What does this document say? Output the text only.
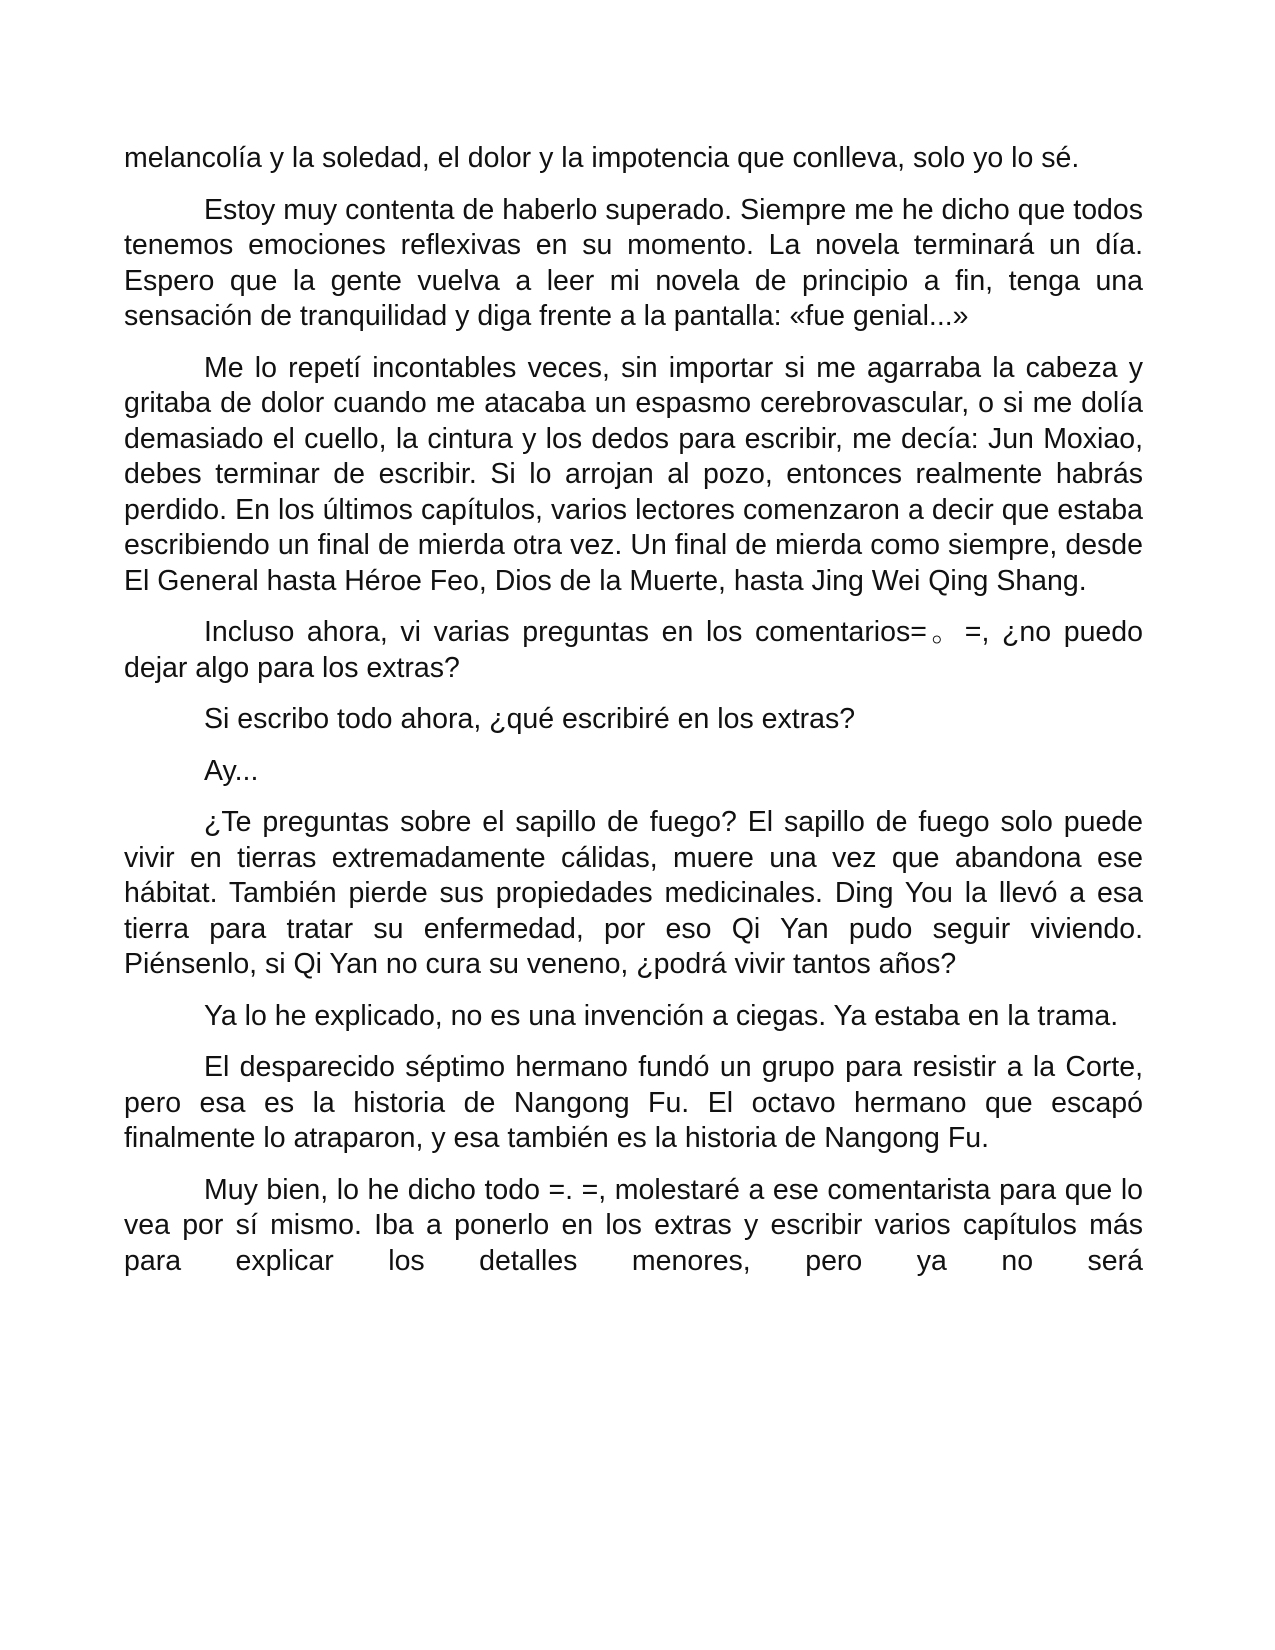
melancolía y la soledad, el dolor y la impotencia que conlleva, solo yo lo sé.

Estoy muy contenta de haberlo superado. Siempre me he dicho que todos tenemos emociones reflexivas en su momento. La novela terminará un día. Espero que la gente vuelva a leer mi novela de principio a fin, tenga una sensación de tranquilidad y diga frente a la pantalla: «fue genial...»

Me lo repetí incontables veces, sin importar si me agarraba la cabeza y gritaba de dolor cuando me atacaba un espasmo cerebrovascular, o si me dolía demasiado el cuello, la cintura y los dedos para escribir, me decía: Jun Moxiao, debes terminar de escribir. Si lo arrojan al pozo, entonces realmente habrás perdido. En los últimos capítulos, varios lectores comenzaron a decir que estaba escribiendo un final de mierda otra vez. Un final de mierda como siempre, desde El General hasta Héroe Feo, Dios de la Muerte, hasta Jing Wei Qing Shang.

Incluso ahora, vi varias preguntas en los comentarios=。=, ¿no puedo dejar algo para los extras?

Si escribo todo ahora, ¿qué escribiré en los extras?

Ay...

¿Te preguntas sobre el sapillo de fuego? El sapillo de fuego solo puede vivir en tierras extremadamente cálidas, muere una vez que abandona ese hábitat. También pierde sus propiedades medicinales. Ding You la llevó a esa tierra para tratar su enfermedad, por eso Qi Yan pudo seguir viviendo. Piénsenlo, si Qi Yan no cura su veneno, ¿podrá vivir tantos años?

Ya lo he explicado, no es una invención a ciegas. Ya estaba en la trama.

El desparecido séptimo hermano fundó un grupo para resistir a la Corte, pero esa es la historia de Nangong Fu. El octavo hermano que escapó finalmente lo atraparon, y esa también es la historia de Nangong Fu.

Muy bien, lo he dicho todo =. =, molestaré a ese comentarista para que lo vea por sí mismo. Iba a ponerlo en los extras y escribir varios capítulos más para explicar los detalles menores, pero ya no será
